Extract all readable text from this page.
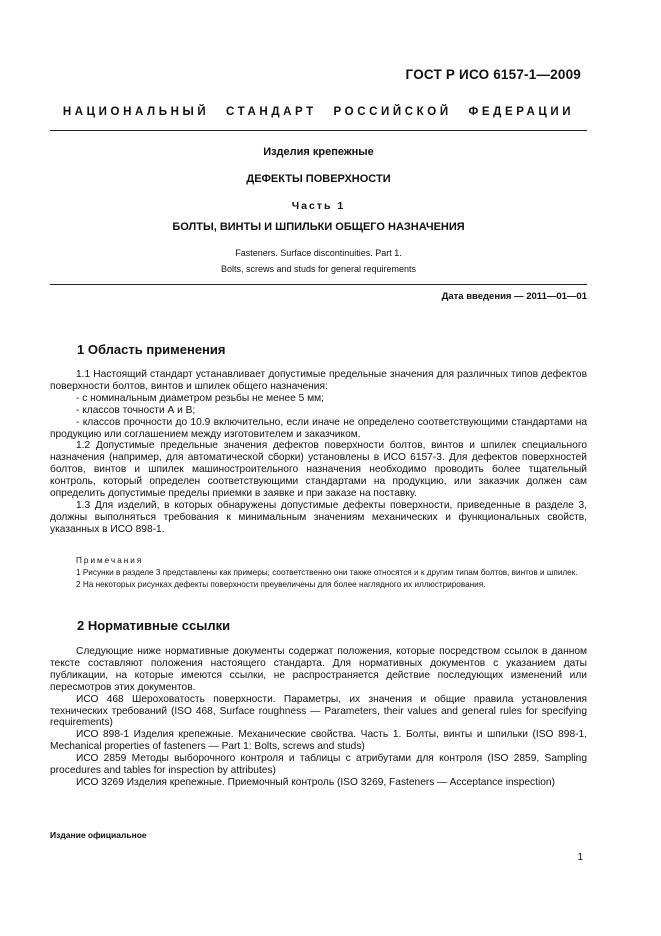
ГОСТ Р ИСО 6157-1—2009
НАЦИОНАЛЬНЫЙ СТАНДАРТ РОССИЙСКОЙ ФЕДЕРАЦИИ
Изделия крепежные
ДЕФЕКТЫ ПОВЕРХНОСТИ
Часть 1
БОЛТЫ, ВИНТЫ И ШПИЛЬКИ ОБЩЕГО НАЗНАЧЕНИЯ
Fasteners. Surface discontinuities. Part 1.
Bolts, screws and studs for general requirements
Дата введения — 2011—01—01
1 Область применения

1.1 Настоящий стандарт устанавливает допустимые предельные значения для различных типов дефектов поверхности болтов, винтов и шпилек общего назначения:

- с номинальным диаметром резьбы не менее 5 мм;

- классов точности А и В;

- классов прочности до 10.9 включительно, если иначе не определено соответствующими стандартами на продукцию или соглашением между изготовителем и заказчиком.

1.2 Допустимые предельные значения дефектов поверхности болтов, винтов и шпилек специального назначения (например, для автоматической сборки) установлены в ИСО 6157-3. Для дефектов поверхностей болтов, винтов и шпилек машиностроительного назначения необходимо проводить более тщательный контроль, который определен соответствующими стандартами на продукцию, или заказчик должен сам определить допустимые пределы приемки в заявке и при заказе на поставку.

1.3 Для изделий, в которых обнаружены допустимые дефекты поверхности, приведенные в разделе 3, должны выполняться требования к минимальным значениям механических и функциональных свойств, указанных в ИСО 898-1.

Примечания

1 Рисунки в разделе 3 представлены как примеры; соответственно они также относятся и к другим типам болтов, винтов и шпилек.

2 На некоторых рисунках дефекты поверхности преувеличены для более наглядного их иллюстрирования.

2 Нормативные ссылки

Следующие ниже нормативные документы содержат положения, которые посредством ссылок в данном тексте составляют положения настоящего стандарта. Для нормативных документов с указанием даты публикации, на которые имеются ссылки, не распространяется действие последующих изменений или пересмотров этих документов.

ИСО 468 Шероховатость поверхности. Параметры, их значения и общие правила установления технических требований (ISO 468, Surface roughness — Parameters, their values and general rules for specifying requirements)

ИСО 898-1 Изделия крепежные. Механические свойства. Часть 1. Болты, винты и шпильки (ISO 898-1, Mechanical properties of fasteners — Part 1: Bolts, screws and studs)

ИСО 2859 Методы выборочного контроля и таблицы с атрибутами для контроля (ISO 2859, Sampling procedures and tables for inspection by attributes)

ИСО 3269 Изделия крепежные. Приемочный контроль (ISO 3269, Fasteners — Acceptance inspection)

Издание официальное
1
